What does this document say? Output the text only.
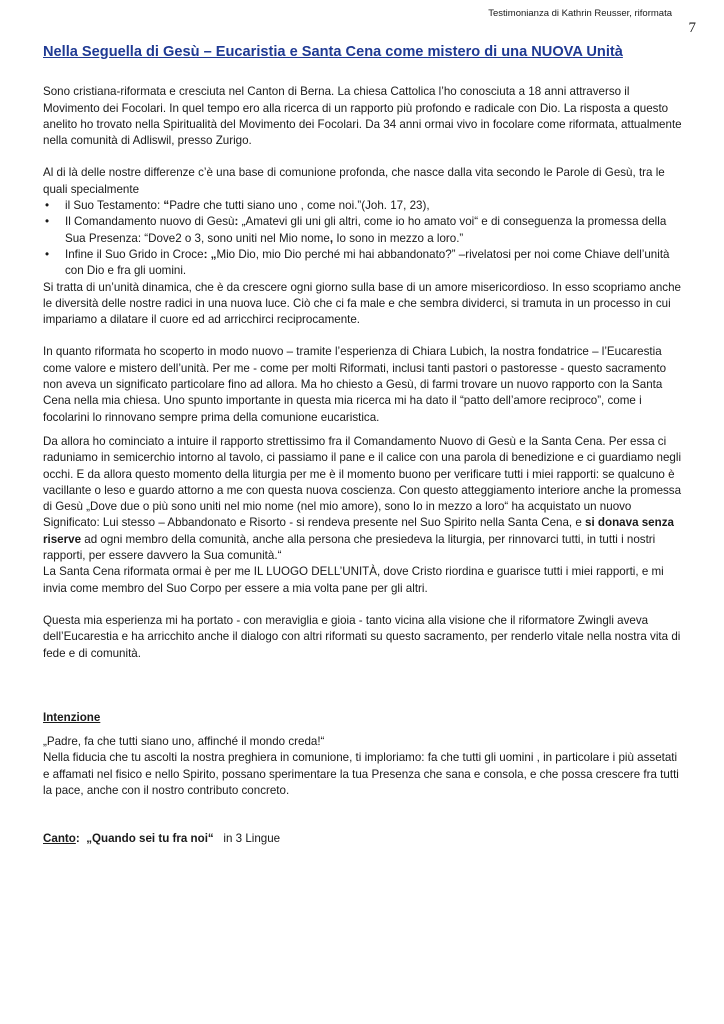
Testimonianza di Kathrin Reusser, riformata
7
Nella Seguella di Gesù – Eucaristia e Santa Cena come mistero di una NUOVA Unità

Sono cristiana-riformata e cresciuta nel Canton di Berna. La chiesa Cattolica l’ho conosciuta a 18 anni attraverso il Movimento dei Focolari. In quel tempo ero alla ricerca di un rapporto più profondo e radicale con Dio. La risposta a questo anelito ho trovato nella Spiritualità del Movimento dei Focolari. Da 34 anni ormai vivo in focolare come riformata, attualmente nella comunità di Adliswil, presso Zurigo.

Al di là delle nostre differenze c’è una base di comunione profonda, che nasce dalla vita secondo le Parole di Gesù, tra le quali specialmente

• il Suo Testamento: “Padre che tutti siano uno , come noi.”(Joh. 17, 23),
• Il Comandamento nuovo di Gesù: „Amatevi gli uni gli altri, come io ho amato voi“ e di conseguenza la promessa della Sua Presenza: “Dove2 o 3, sono uniti nel Mio nome, Io sono in mezzo a loro.”
• Infine il Suo Grido in Croce: „Mio Dio, mio Dio perché mi hai abbandonato?” –rivelatosi per noi come Chiave dell’unità con Dio e fra gli uomini.

Si tratta di un’unità dinamica, che è da crescere ogni giorno sulla base di un amore misericordioso. In esso scopriamo anche le diversità delle nostre radici in una nuova luce. Ciò che ci fa male e che sembra dividerci, si tramuta in un processo in cui impariamo a dilatare il cuore ed ad arricchirci reciprocamente.

In quanto riformata ho scoperto in modo nuovo – tramite l’esperienza di Chiara Lubich, la nostra fondatrice – l’Eucarestia come valore e mistero dell’unità. Per me - come per molti Riformati, inclusi tanti pastori o pastoresse - questo sacramento non aveva un significato particolare fino ad allora. Ma ho chiesto a Gesù, di farmi trovare un nuovo rapporto con la Santa Cena nella mia chiesa. Uno spunto importante in questa mia ricerca mi ha dato il “patto dell’amore reciproco”, come i focolarini lo rinnovano sempre prima della comunione eucaristica.

Da allora ho cominciato a intuire il rapporto strettissimo fra il Comandamento Nuovo di Gesù e la Santa Cena. Per essa ci raduniamo in semicerchio intorno al tavolo, ci passiamo il pane e il calice con una parola di benedizione e ci guardiamo negli occhi. E da allora questo momento della liturgia per me è il momento buono per verificare tutti i miei rapporti: se qualcuno è vacillante o leso e guardo attorno a me con questa nuova coscienza. Con questo atteggiamento interiore anche la promessa di Gesù „Dove due o più sono uniti nel mio nome (nel mio amore), sono Io in mezzo a loro“ ha acquistato un nuovo Significato: Lui stesso – Abbandonato e Risorto - si rendeva presente nel Suo Spirito nella Santa Cena, e si donava senza riserve ad ogni membro della comunità, anche alla persona che presiedeva la liturgia, per rinnovarci tutti, in tutti i nostri rapporti, per essere davvero la Sua comunità.“

La Santa Cena riformata ormai è per me IL LUOGO DELL’UNITÀ, dove Cristo riordina e guarisce tutti i miei rapporti, e mi invia come membro del Suo Corpo per essere a mia volta pane per gli altri.

Questa mia esperienza mi ha portato - con meraviglia e gioia - tanto vicina alla visione che il riformatore Zwingli aveva dell’Eucarestia e ha arricchito anche il dialogo con altri riformati su questo sacramento, per renderlo vitale nella nostra vita di fede e di comunità.

Intenzione

„Padre, fa che tutti siano uno, affinché il mondo creda!“

Nella fiducia che tu ascolti la nostra preghiera in comunione, ti imploriamo: fa che tutti gli uomini , in particolare i più assetati e affamati nel fisico e nello Spirito, possano sperimentare la tua Presenza che sana e consola, e che possa crescere fra tutti la pace, anche con il nostro contributo concreto.

Canto: „Quando sei tu fra noi“ in 3 Lingue
